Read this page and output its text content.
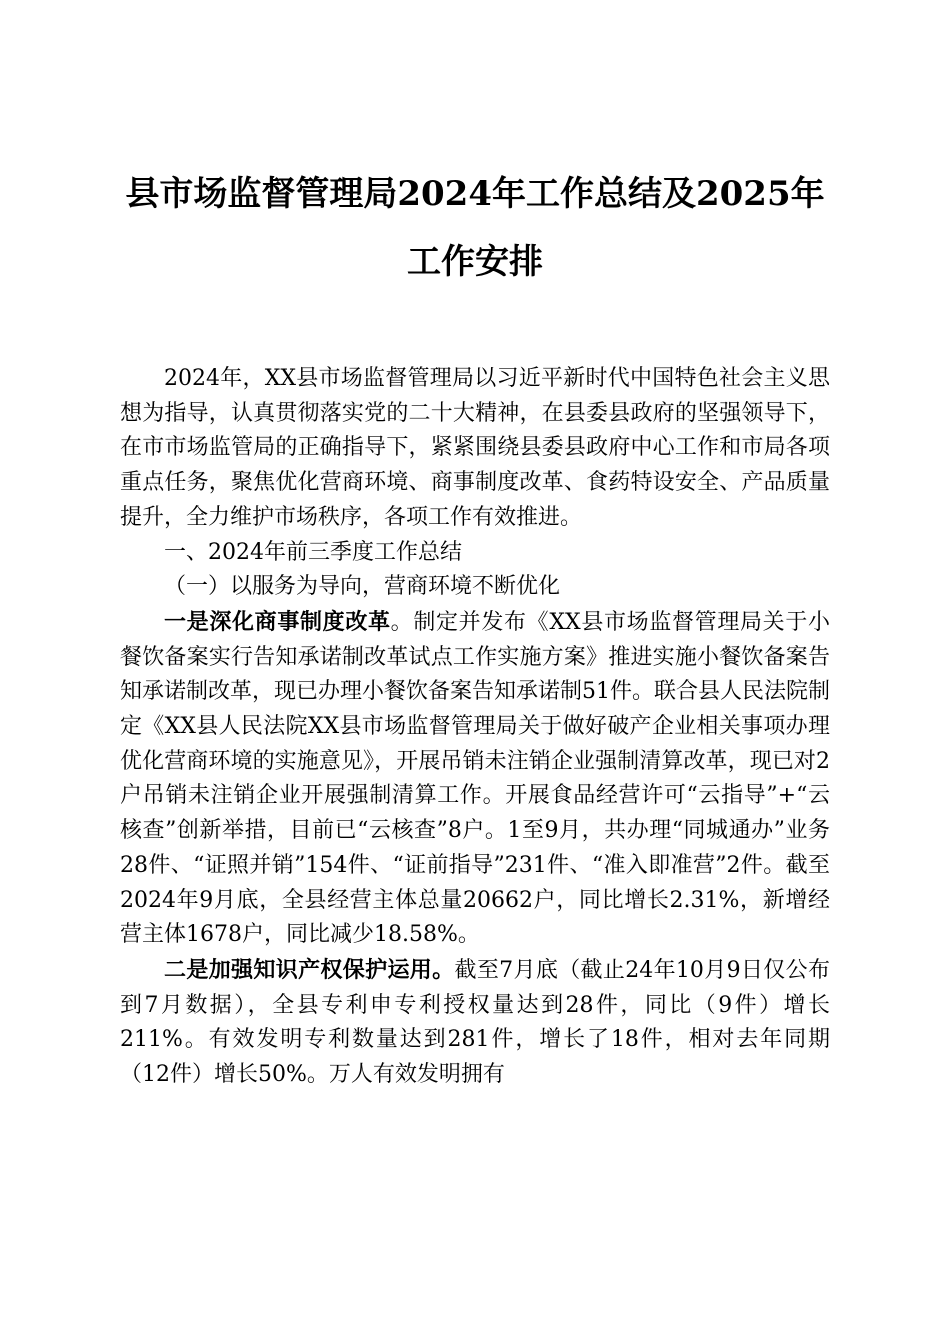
县市场监督管理局2024年工作总结及2025年
工作安排

2024年，XX县市场监督管理局以习近平新时代中国特色社会主义思想为指导，认真贯彻落实党的二十大精神，在县委县政府的坚强领导下，在市市场监管局的正确指导下，紧紧围绕县委县政府中心工作和市局各项重点任务，聚焦优化营商环境、商事制度改革、食药特设安全、产品质量提升，全力维护市场秩序，各项工作有效推进。

一、2024年前三季度工作总结

（一）以服务为导向，营商环境不断优化

一是深化商事制度改革。制定并发布《XX县市场监督管理局关于小餐饮备案实行告知承诺制改革试点工作实施方案》推进实施小餐饮备案告知承诺制改革，现已办理小餐饮备案告知承诺制51件。联合县人民法院制定《XX县人民法院XX县市场监督管理局关于做好破产企业相关事项办理优化营商环境的实施意见》，开展吊销未注销企业强制清算改革，现已对2户吊销未注销企业开展强制清算工作。开展食品经营许可“云指导”+“云核查”创新举措，目前已“云核查”8户。1至9月，共办理“同城通办”业务28件、“证照并销”154件、“证前指导”231件、“准入即准营”2件。截至2024年9月底，全县经营主体总量20662户，同比增长2.31%，新增经营主体1678户，同比减少18.58%。

二是加强知识产权保护运用。截至7月底（截止24年10月9日仅公布到7月数据），全县专利申专利授权量达到28件，同比（9件）增长211%。有效发明专利数量达到281件，增长了18件，相对去年同期（12件）增长50%。万人有效发明拥有
